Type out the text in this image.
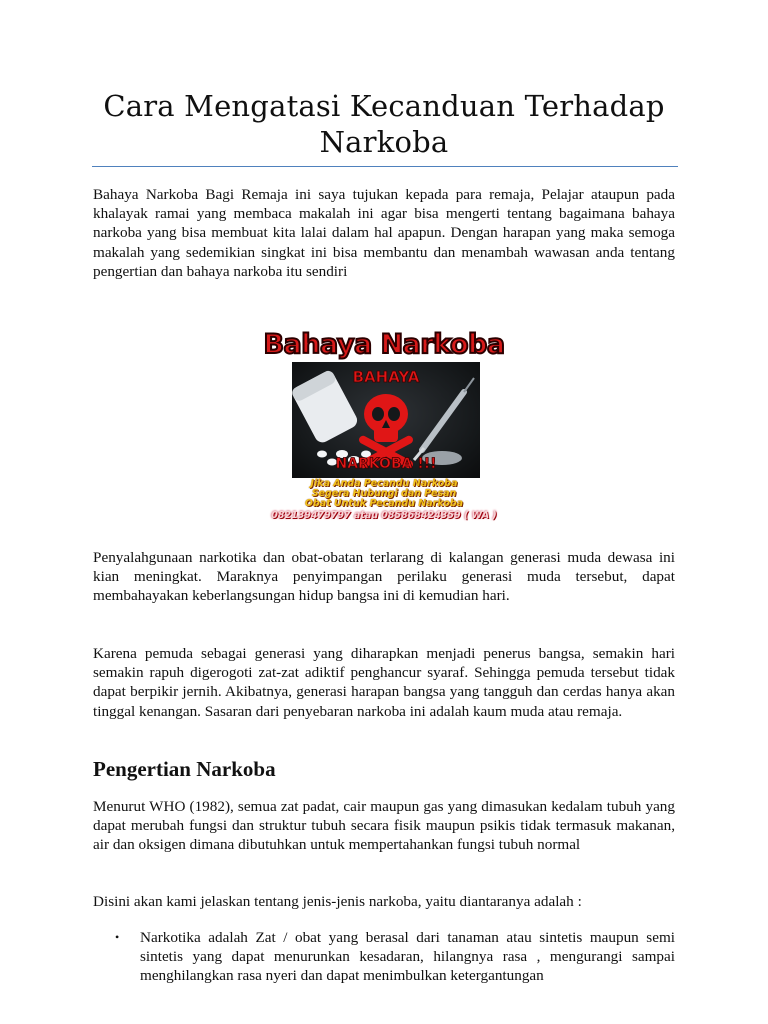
Cara Mengatasi Kecanduan Terhadap Narkoba

Bahaya Narkoba Bagi Remaja ini saya tujukan kepada para remaja, Pelajar ataupun pada khalayak ramai yang membaca makalah ini agar bisa mengerti tentang bagaimana bahaya narkoba yang bisa membuat kita lalai dalam hal apapun. Dengan harapan yang maka semoga makalah yang sedemikian singkat ini bisa membantu dan menambah wawasan anda tentang pengertian dan bahaya narkoba itu sendiri

Bahaya Narkoba
BAHAYA
NARKOBA !!!
Jika Anda Pecandu Narkoba
Segera Hubungi dan Pesan
Obat Untuk Pecandu Narkoba
082139479797 atau 085868424359 ( WA )

Penyalahgunaan narkotika dan obat-obatan terlarang di kalangan generasi muda dewasa ini kian meningkat. Maraknya penyimpangan perilaku generasi muda tersebut, dapat membahayakan keberlangsungan hidup bangsa ini di kemudian hari.

Karena pemuda sebagai generasi yang diharapkan menjadi penerus bangsa, semakin hari semakin rapuh digerogoti zat-zat adiktif penghancur syaraf. Sehingga pemuda tersebut tidak dapat berpikir jernih. Akibatnya, generasi harapan bangsa yang tangguh dan cerdas hanya akan tinggal kenangan. Sasaran dari penyebaran narkoba ini adalah kaum muda atau remaja.

Pengertian Narkoba

Menurut WHO (1982), semua zat padat, cair maupun gas yang dimasukan kedalam tubuh yang dapat merubah fungsi dan struktur tubuh secara fisik maupun psikis tidak termasuk makanan, air dan oksigen dimana dibutuhkan untuk mempertahankan fungsi tubuh normal

Disini akan kami jelaskan tentang jenis-jenis narkoba, yaitu diantaranya adalah :

• Narkotika adalah Zat / obat yang berasal dari tanaman atau sintetis maupun semi sintetis yang dapat menurunkan kesadaran, hilangnya rasa , mengurangi sampai menghilangkan rasa nyeri dan dapat menimbulkan ketergantungan
